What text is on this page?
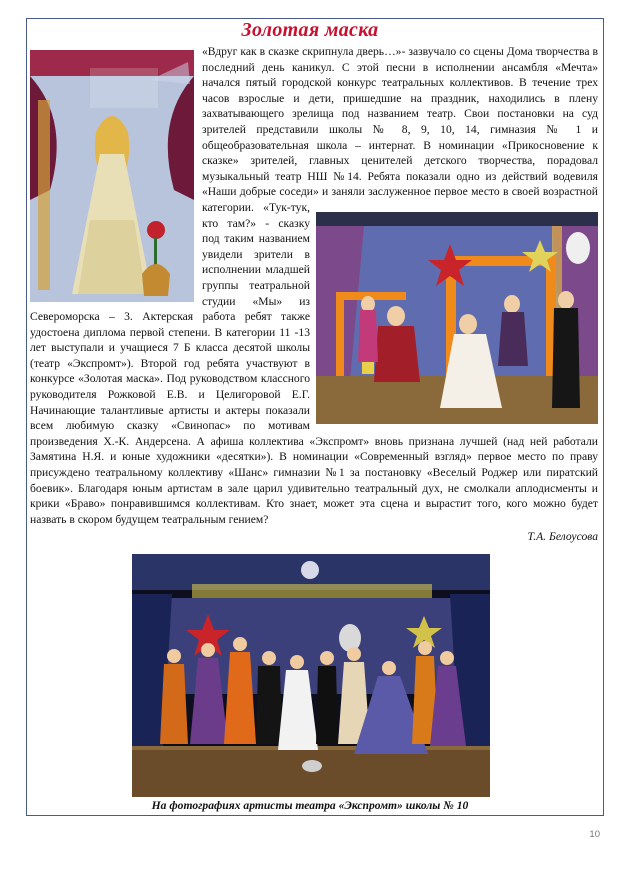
Золотая маска

«Вдруг как в сказке скрипнула дверь…»- зазвучало со сцены Дома творчества в последний день каникул. С этой песни в исполнении ансамбля «Мечта» начался пятый городской конкурс театральных коллективов. В течение трех часов взрослые и дети, пришедшие на праздник, находились в плену захватывающего зрелища под названием театр. Свои постановки на суд зрителей представили школы № 8, 9, 10, 14, гимназия № 1 и общеобразовательная школа – интернат. В номинации «Прикосновение к сказке» зрителей, главных ценителей детского творчества, порадовал музыкальный театр НШ №14. Ребята показали одно из действий водевиля «Наши добрые соседи» и заняли заслуженное первое место в своей возрастной категории. «Тук-тук, кто там?» - сказку под таким названием увидели зрители в исполнении младшей группы театральной студии «Мы» из Североморска – 3. Актерская работа ребят также удостоена диплома первой степени. В категории 11 -13 лет выступали и учащиеся 7 Б класса десятой школы (театр «Экспромт»). Второй год ребята участвуют в конкурсе «Золотая маска». Под руководством классного руководителя Рожковой Е.В. и Целигоровой Е.Г. Начинающие талантливые артисты и актеры показали всем любимую сказку «Свинопас» по мотивам произведения Х.-К. Андерсена. А афиша коллектива «Экспромт» вновь признана лучшей (над ней работали Замятина Н.Я. и юные художники «десятки»). В номинации «Современный взгляд» первое место по праву присуждено театральному коллективу «Шанс» гимназии №1 за постановку «Веселый Роджер или пиратский боевик». Благодаря юным артистам в зале царил удивительно театральный дух, не смолкали аплодисменты и крики «Браво» понравившимся коллективам. Кто знает, может эта сцена и вырастит того, кого можно будет назвать в скором будущем театральным гением?

Т.А. Белоусова
На фотографиях артисты театра «Экспромт» школы № 10
10
